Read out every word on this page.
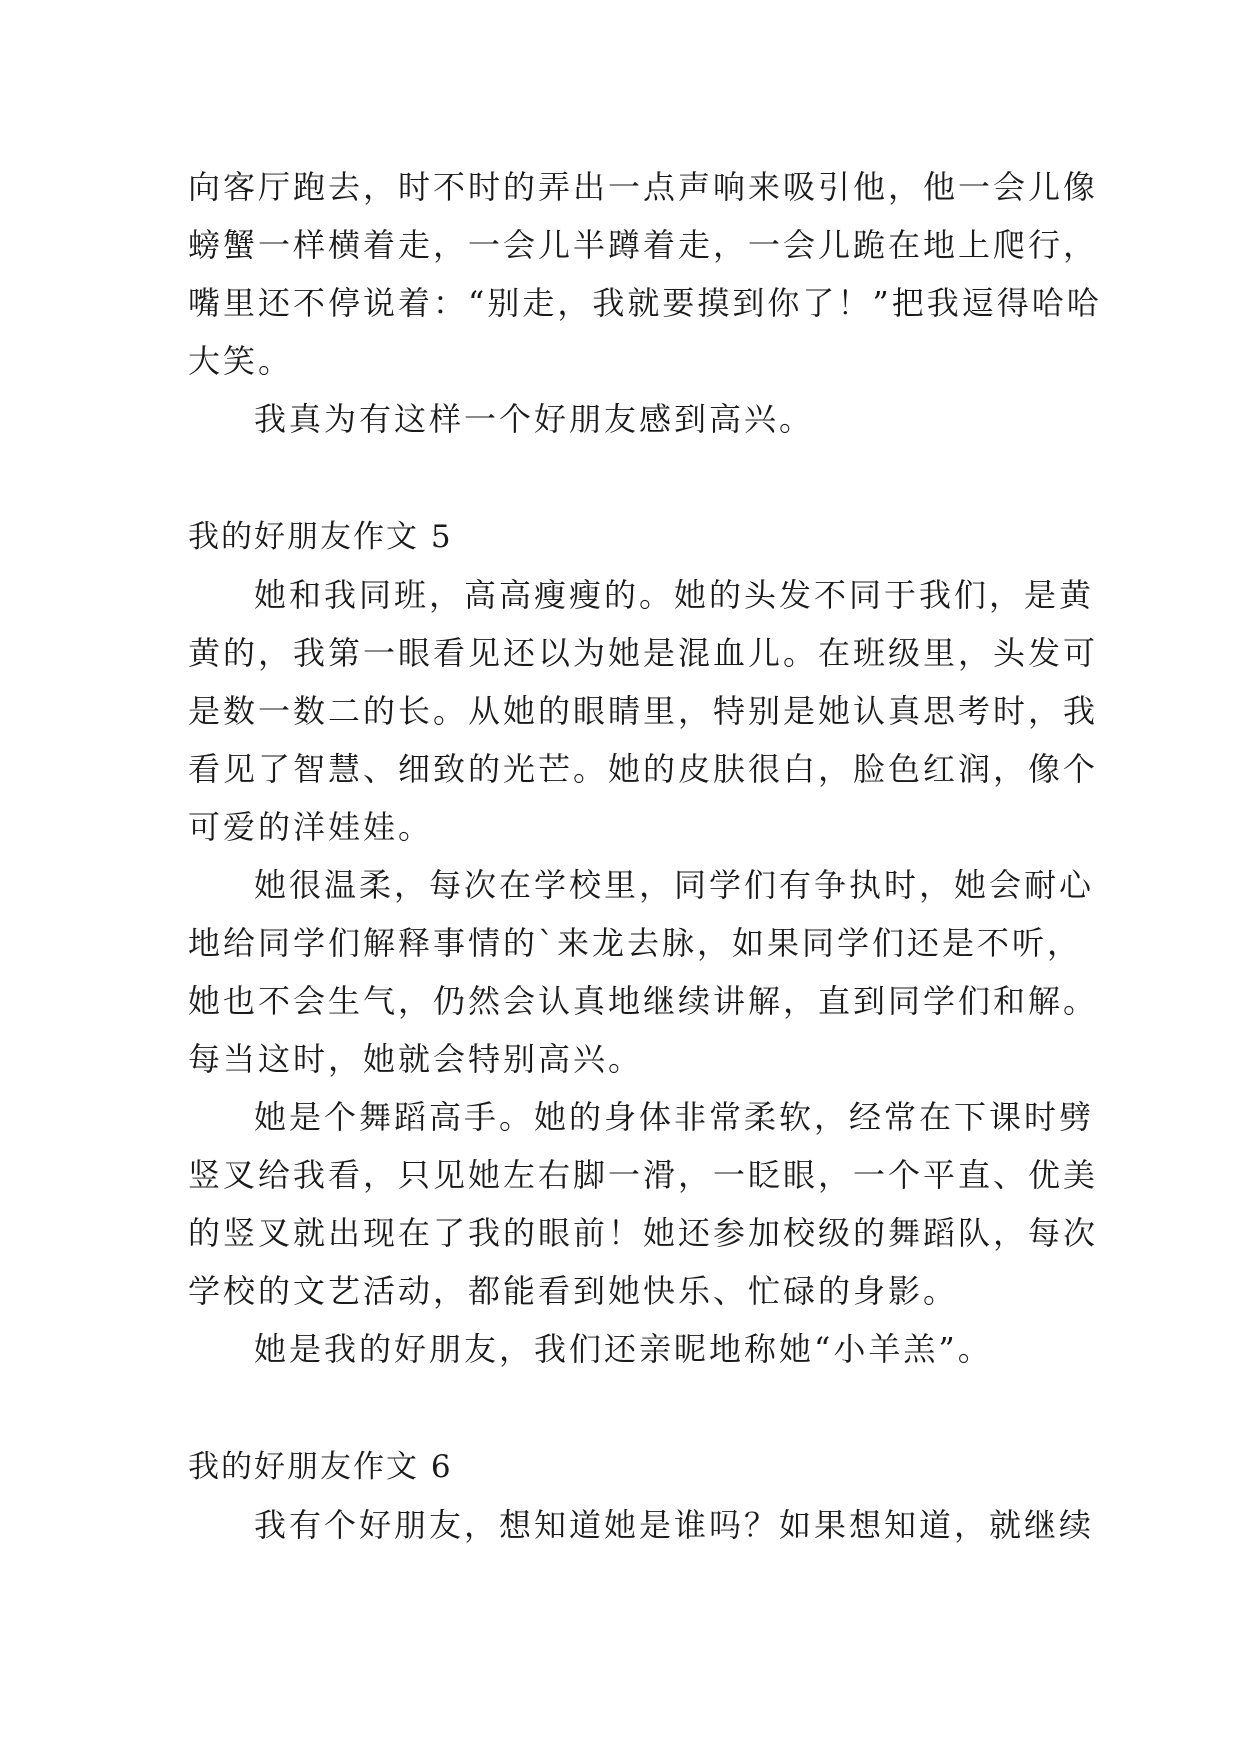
向客厅跑去，时不时的弄出一点声响来吸引他，他一会儿像
螃蟹一样横着走，一会儿半蹲着走，一会儿跪在地上爬行，
嘴里还不停说着：“别走，我就要摸到你了！”把我逗得哈哈
大笑。
我真为有这样一个好朋友感到高兴。
我的好朋友作文 5
她和我同班，高高瘦瘦的。她的头发不同于我们，是黄
黄的，我第一眼看见还以为她是混血儿。在班级里，头发可
是数一数二的长。从她的眼睛里，特别是她认真思考时，我
看见了智慧、细致的光芒。她的皮肤很白，脸色红润，像个
可爱的洋娃娃。
她很温柔，每次在学校里，同学们有争执时，她会耐心
地给同学们解释事情的`来龙去脉，如果同学们还是不听，
她也不会生气，仍然会认真地继续讲解，直到同学们和解。
每当这时，她就会特别高兴。
她是个舞蹈高手。她的身体非常柔软，经常在下课时劈
竖叉给我看，只见她左右脚一滑，一眨眼，一个平直、优美
的竖叉就出现在了我的眼前！她还参加校级的舞蹈队，每次
学校的文艺活动，都能看到她快乐、忙碌的身影。
她是我的好朋友，我们还亲昵地称她“小羊羔”。
我的好朋友作文 6
我有个好朋友，想知道她是谁吗？如果想知道，就继续
